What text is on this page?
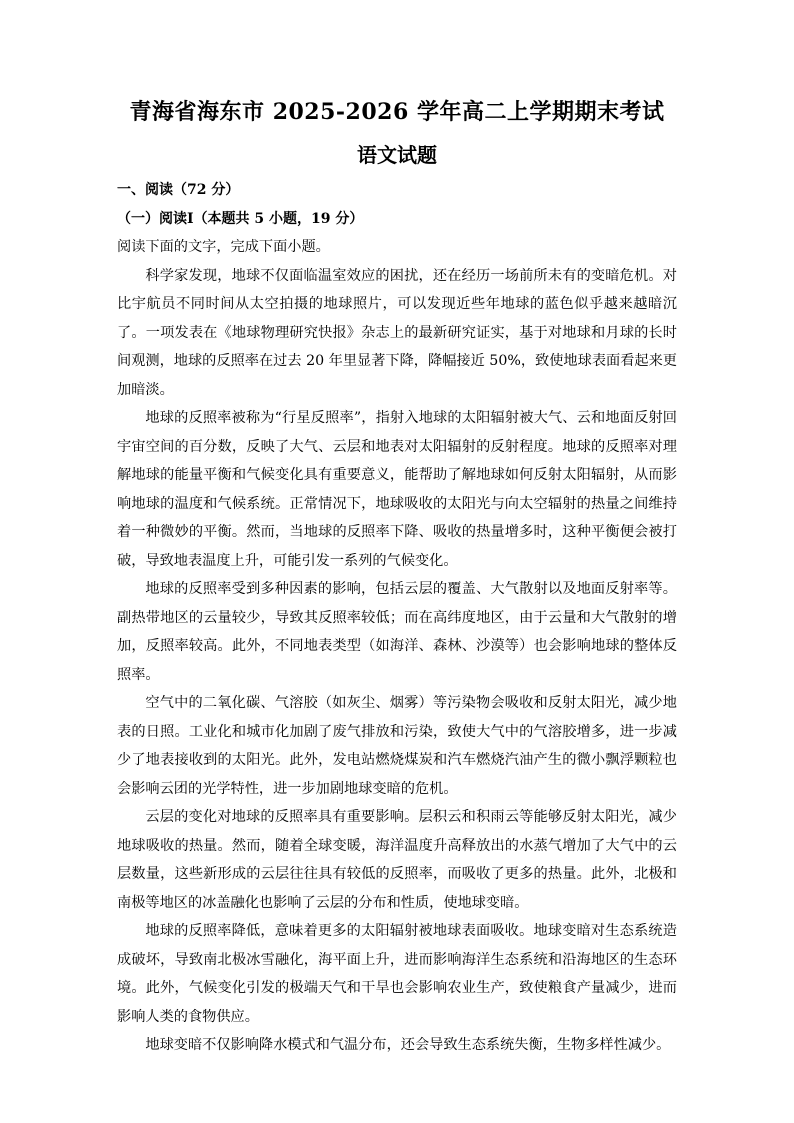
青海省海东市 2025-2026 学年高二上学期期末考试
语文试题
一、阅读（72 分）
（一）阅读Ⅰ（本题共 5 小题，19 分）
阅读下面的文字，完成下面小题。

科学家发现，地球不仅面临温室效应的困扰，还在经历一场前所未有的变暗危机。对比宇航员不同时间从太空拍摄的地球照片，可以发现近些年地球的蓝色似乎越来越暗沉了。一项发表在《地球物理研究快报》杂志上的最新研究证实，基于对地球和月球的长时间观测，地球的反照率在过去 20 年里显著下降，降幅接近 50%，致使地球表面看起来更加暗淡。

地球的反照率被称为“行星反照率”，指射入地球的太阳辐射被大气、云和地面反射回宇宙空间的百分数，反映了大气、云层和地表对太阳辐射的反射程度。地球的反照率对理解地球的能量平衡和气候变化具有重要意义，能帮助了解地球如何反射太阳辐射，从而影响地球的温度和气候系统。正常情况下，地球吸收的太阳光与向太空辐射的热量之间维持着一种微妙的平衡。然而，当地球的反照率下降、吸收的热量增多时，这种平衡便会被打破，导致地表温度上升，可能引发一系列的气候变化。

地球的反照率受到多种因素的影响，包括云层的覆盖、大气散射以及地面反射率等。副热带地区的云量较少，导致其反照率较低；而在高纬度地区，由于云量和大气散射的增加，反照率较高。此外，不同地表类型（如海洋、森林、沙漠等）也会影响地球的整体反照率。

空气中的二氧化碳、气溶胶（如灰尘、烟雾）等污染物会吸收和反射太阳光，减少地表的日照。工业化和城市化加剧了废气排放和污染，致使大气中的气溶胶增多，进一步减少了地表接收到的太阳光。此外，发电站燃烧煤炭和汽车燃烧汽油产生的微小飘浮颗粒也会影响云团的光学特性，进一步加剧地球变暗的危机。

云层的变化对地球的反照率具有重要影响。层积云和积雨云等能够反射太阳光，减少地球吸收的热量。然而，随着全球变暖，海洋温度升高释放出的水蒸气增加了大气中的云层数量，这些新形成的云层往往具有较低的反照率，而吸收了更多的热量。此外，北极和南极等地区的冰盖融化也影响了云层的分布和性质，使地球变暗。

地球的反照率降低，意味着更多的太阳辐射被地球表面吸收。地球变暗对生态系统造成破坏，导致南北极冰雪融化，海平面上升，进而影响海洋生态系统和沿海地区的生态环境。此外，气候变化引发的极端天气和干旱也会影响农业生产，致使粮食产量减少，进而影响人类的食物供应。

地球变暗不仅影响降水模式和气温分布，还会导致生态系统失衡，生物多样性减少。
